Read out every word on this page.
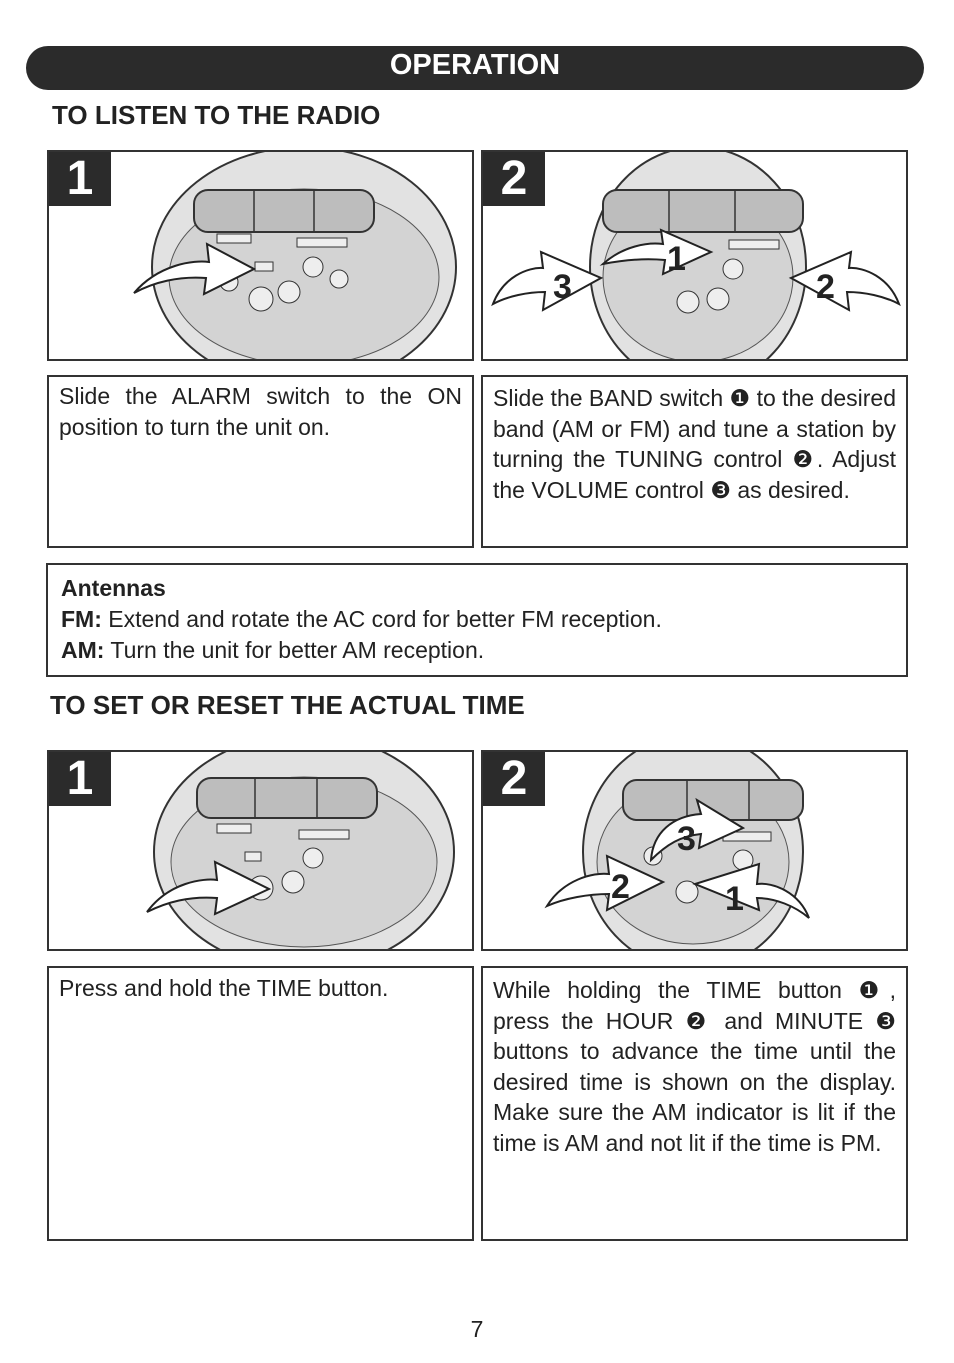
OPERATION
TO LISTEN TO THE RADIO
1
1
3	2
2
Slide the ALARM switch to the ON position to turn the unit on.
Slide the BAND switch ❶ to the desired band (AM or FM) and tune a station by turning the TUNING control ❷. Adjust the VOLUME control ❸ as desired.
Antennas
FM: Extend and rotate the AC cord for better FM reception.
AM: Turn the unit for better AM reception.
TO SET OR RESET THE ACTUAL TIME
1
3
2	1
2
Press and hold the TIME button.	While holding the TIME button ❶, press the HOUR ❷ and MINUTE ❸ buttons to advance the time until the desired time is shown on the display. Make sure the AM indicator is lit if the time is AM and not lit if the time is PM.
7
